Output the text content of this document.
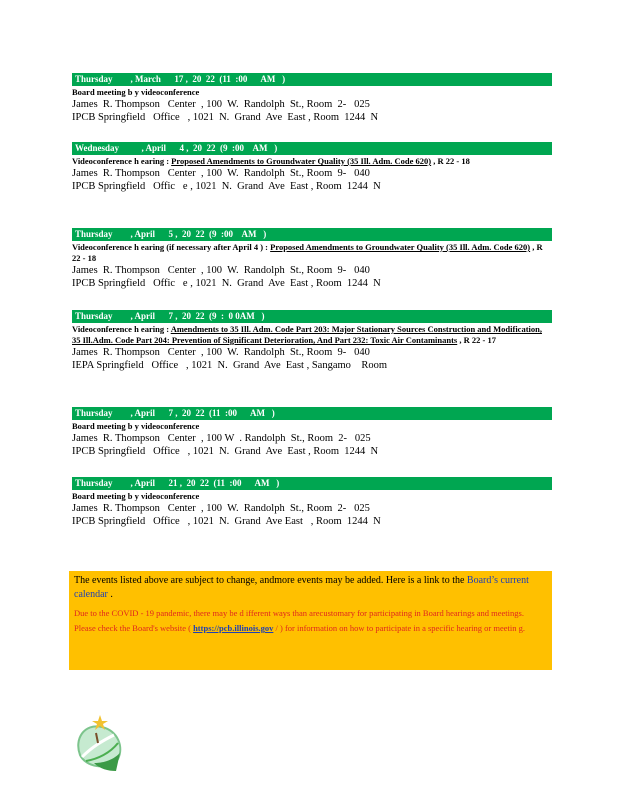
Thursday        , March      17 ,  20  22  (11  :00      AM   )
Board meeting b y videoconference
James  R. Thompson   Center  , 100  W.  Randolph  St., Room  2-   025
IPCB Springfield   Office   , 1021  N.  Grand  Ave  East , Room  1244  N
Wednesday          , April      4 ,  20  22  (9  :00    AM   )
Videoconference h earing : Proposed Amendments to Groundwater Quality (35 Ill. Adm. Code 620) , R 22 - 18
James  R. Thompson   Center  , 100  W.  Randolph  St., Room  9-   040
IPCB Springfield   Offic   e , 1021  N.  Grand  Ave  East , Room  1244  N
Thursday        , April      5 ,  20  22  (9  :00    AM   )
Videoconference h earing (if necessary after April 4 ) : Proposed Amendments to Groundwater Quality (35 Ill. Adm. Code 620) , R 22 - 18
James  R. Thompson   Center  , 100  W.  Randolph  St., Room  9-   040
IPCB Springfield   Offic   e , 1021  N.  Grand  Ave  East , Room  1244  N
Thursday        , April      7 ,  20  22  (9  :  0 0AM   )
Videoconference h earing : Amendments to 35 Ill. Adm. Code Part 203: Major Stationary Sources Construction and Modification, 35 Ill.Adm. Code Part 204: Prevention of Significant Deterioration, And Part 232: Toxic Air Contaminants , R 22 - 17
James  R. Thompson   Center  , 100  W.  Randolph  St., Room  9-   040
IEPA Springfield   Office   , 1021  N.  Grand  Ave  East , Sangamo    Room
Thursday        , April      7 ,  20  22  (11  :00      AM   )
Board meeting b y videoconference
James  R. Thompson   Center  , 100 W  . Randolph  St., Room  2-   025
IPCB Springfield   Office   , 1021  N.  Grand  Ave  East , Room  1244  N
Thursday        , April      21 ,  20  22  (11  :00      AM   )
Board meeting b y videoconference
James  R. Thompson   Center  , 100  W.  Randolph  St., Room  2-   025
IPCB Springfield   Office   , 1021  N.  Grand  Ave East   , Room  1244  N
The events listed above are subject to change, andmore events may be added. Here is a link to the Board’s current calendar .
Due to the COVID - 19 pandemic, there may be d ifferent ways than arecustomary for participating in Board hearings and meetings. Please check the Board's website ( https://pcb.illinois.gov / ) for information on how to participate in a specific hearing or meetin g.
